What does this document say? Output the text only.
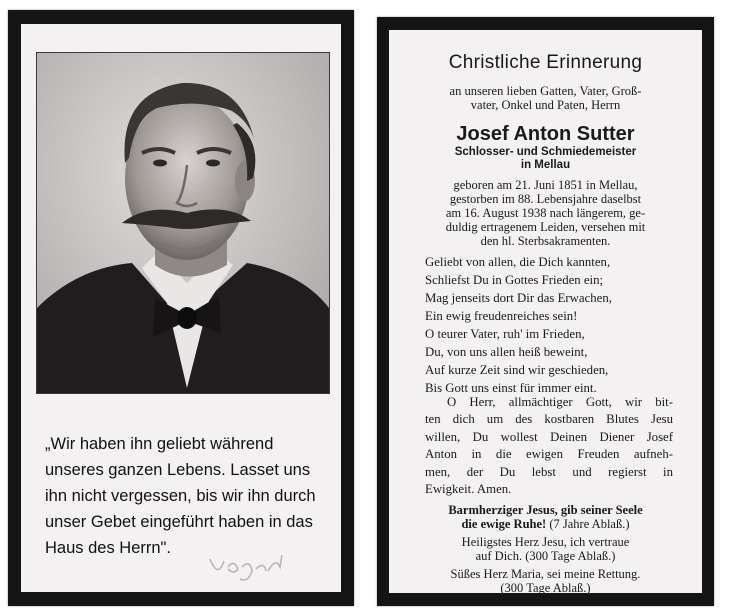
„Wir haben ihn geliebt während
unseres ganzen Lebens. Lasset uns
ihn nicht vergessen, bis wir ihn durch
unser Gebet eingeführt haben in das
Haus des Herrn".
Christliche Erinnerung
an unseren lieben Gatten, Vater, Groß-
vater, Onkel und Paten, Herrn
Josef Anton Sutter
Schlosser- und Schmiedemeister
in Mellau
geboren am 21. Juni 1851 in Mellau,
gestorben im 88. Lebensjahre daselbst
am 16. August 1938 nach längerem, ge-
duldig ertragenem Leiden, versehen mit
den hl. Sterbsakramenten.
Geliebt von allen, die Dich kannten,
Schliefst Du in Gottes Frieden ein;
Mag jenseits dort Dir das Erwachen,
Ein ewig freudenreiches sein!
O teurer Vater, ruh' im Frieden,
Du, von uns allen heiß beweint,
Auf kurze Zeit sind wir geschieden,
Bis Gott uns einst für immer eint.
O Herr, allmächtiger Gott, wir bit-
ten dich um des kostbaren Blutes Jesu
willen, Du wollest Deinen Diener Josef
Anton in die ewigen Freuden aufneh-
men, der Du lebst und regierst in
Ewigkeit. Amen.
Barmherziger Jesus, gib seiner Seele
die ewige Ruhe! (7 Jahre Ablaß.)
Heiligstes Herz Jesu, ich vertraue
auf Dich. (300 Tage Ablaß.)
Süßes Herz Maria, sei meine Rettung.
(300 Tage Ablaß.)
